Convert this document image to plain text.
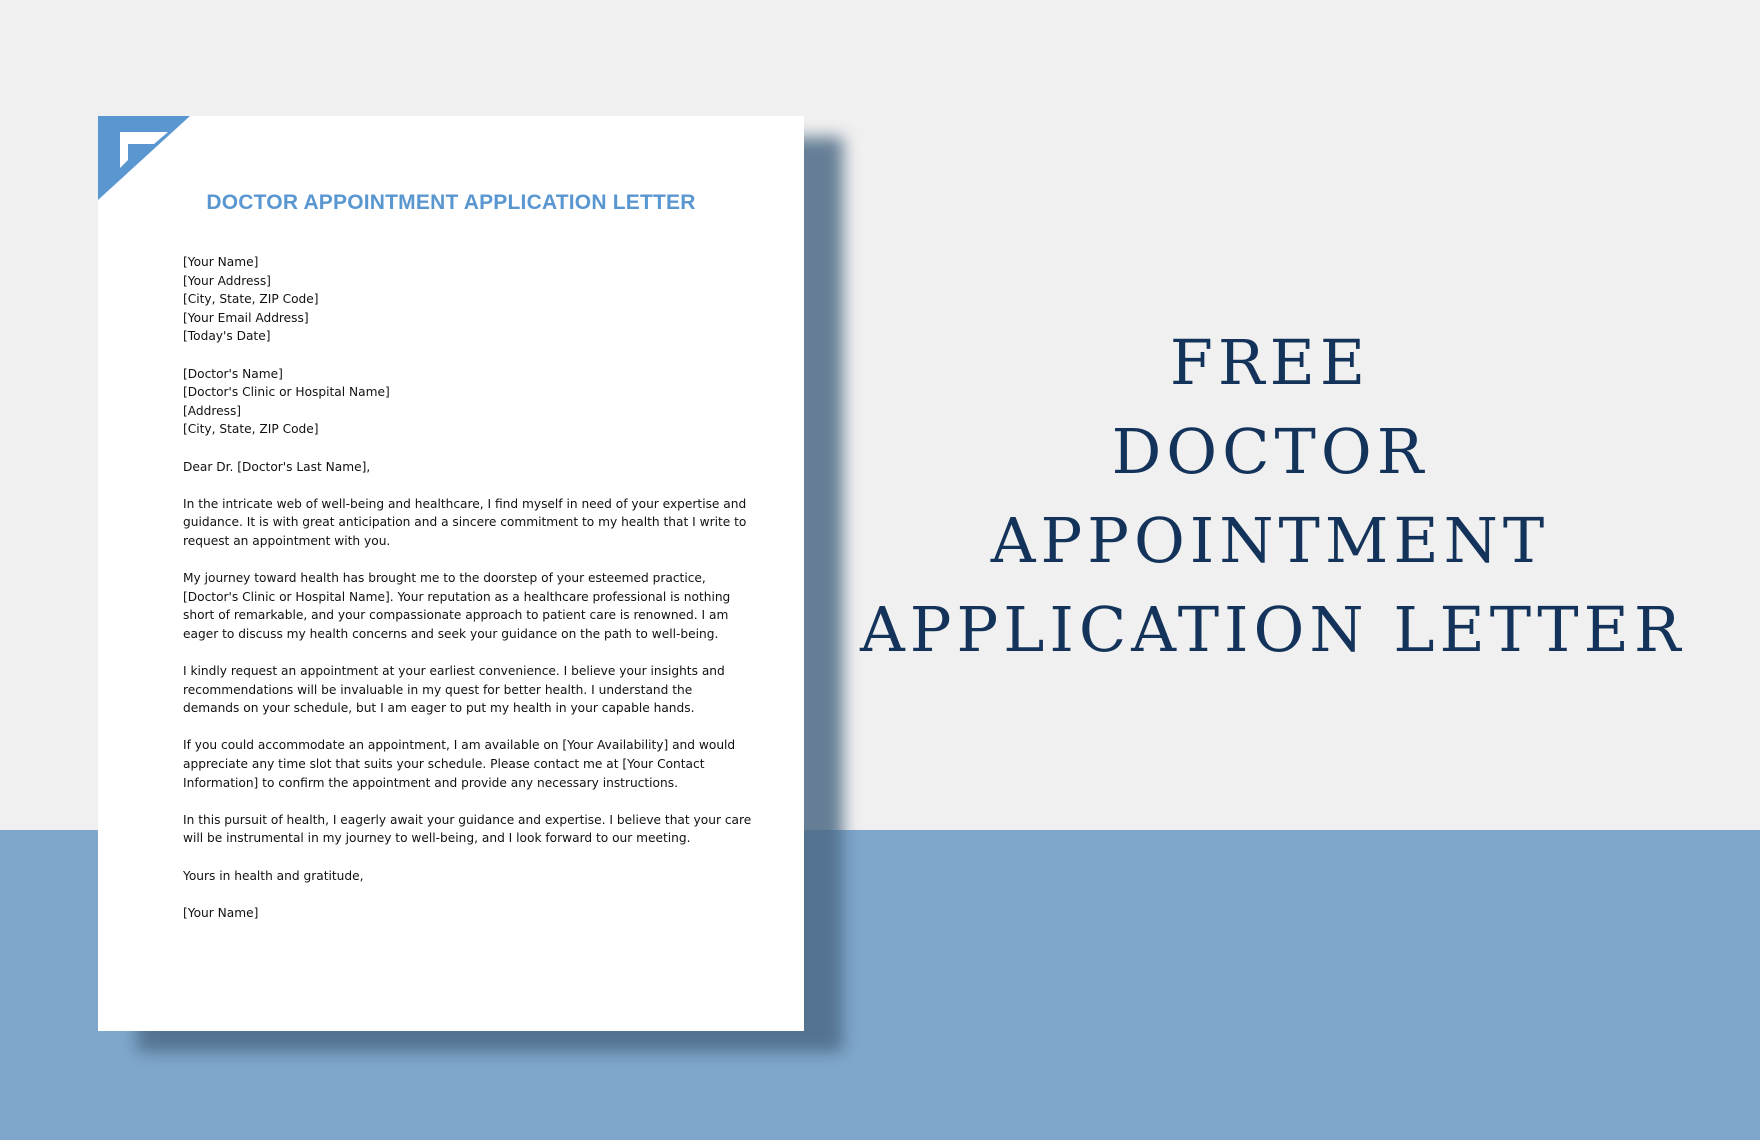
DOCTOR APPOINTMENT APPLICATION LETTER
[Your Name]
[Your Address]
[City, State, ZIP Code]
[Your Email Address]
[Today's Date]
[Doctor's Name]
[Doctor's Clinic or Hospital Name]
[Address]
[City, State, ZIP Code]
Dear Dr. [Doctor's Last Name],
In the intricate web of well-being and healthcare, I find myself in need of your expertise and
guidance. It is with great anticipation and a sincere commitment to my health that I write to
request an appointment with you.
My journey toward health has brought me to the doorstep of your esteemed practice,
[Doctor's Clinic or Hospital Name]. Your reputation as a healthcare professional is nothing
short of remarkable, and your compassionate approach to patient care is renowned. I am
eager to discuss my health concerns and seek your guidance on the path to well-being.
I kindly request an appointment at your earliest convenience. I believe your insights and
recommendations will be invaluable in my quest for better health. I understand the
demands on your schedule, but I am eager to put my health in your capable hands.
If you could accommodate an appointment, I am available on [Your Availability] and would
appreciate any time slot that suits your schedule. Please contact me at [Your Contact
Information] to confirm the appointment and provide any necessary instructions.
In this pursuit of health, I eagerly await your guidance and expertise. I believe that your care
will be instrumental in my journey to well-being, and I look forward to our meeting.
Yours in health and gratitude,
[Your Name]
FREE
DOCTOR
APPOINTMENT
APPLICATION LETTER
